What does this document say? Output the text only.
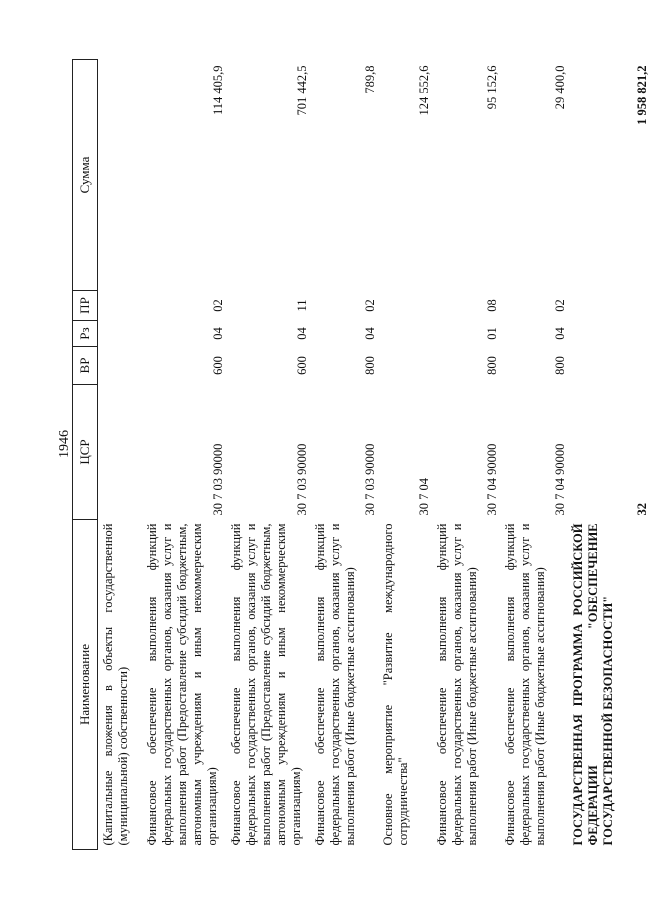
1946
Наименование	ЦСР	ВР	Рз	ПР	Сумма
(Капитальные вложения в объекты государственной (муниципальной) собственности)					
Финансовое обеспечение выполнения функций федеральных государственных органов, оказания услуг и выполнения работ (Предоставление субсидий бюджетным, автономным учреждениям и иным некоммерческим организациям)	30 7 03 90000	600	04	02	114 405,9
Финансовое обеспечение выполнения функций федеральных государственных органов, оказания услуг и выполнения работ (Предоставление субсидий бюджетным, автономным учреждениям и иным некоммерческим организациям)	30 7 03 90000	600	04	11	701 442,5
Финансовое обеспечение выполнения функций федеральных государственных органов, оказания услуг и выполнения работ (Иные бюджетные ассигнования)	30 7 03 90000	800	04	02	789,8
Основное мероприятие "Развитие международного сотрудничества"	30 7 04				124 552,6
Финансовое обеспечение выполнения функций федеральных государственных органов, оказания услуг и выполнения работ (Иные бюджетные ассигнования)	30 7 04 90000	800	01	08	95 152,6
Финансовое обеспечение выполнения функций федеральных государственных органов, оказания услуг и выполнения работ (Иные бюджетные ассигнования)	30 7 04 90000	800	04	02	29 400,0
ГОСУДАРСТВЕННАЯ ПРОГРАММА РОССИЙСКОЙ ФЕДЕРАЦИИ "ОБЕСПЕЧЕНИЕ ГОСУДАРСТВЕННОЙ БЕЗОПАСНОСТИ"	32				1 958 821,2
